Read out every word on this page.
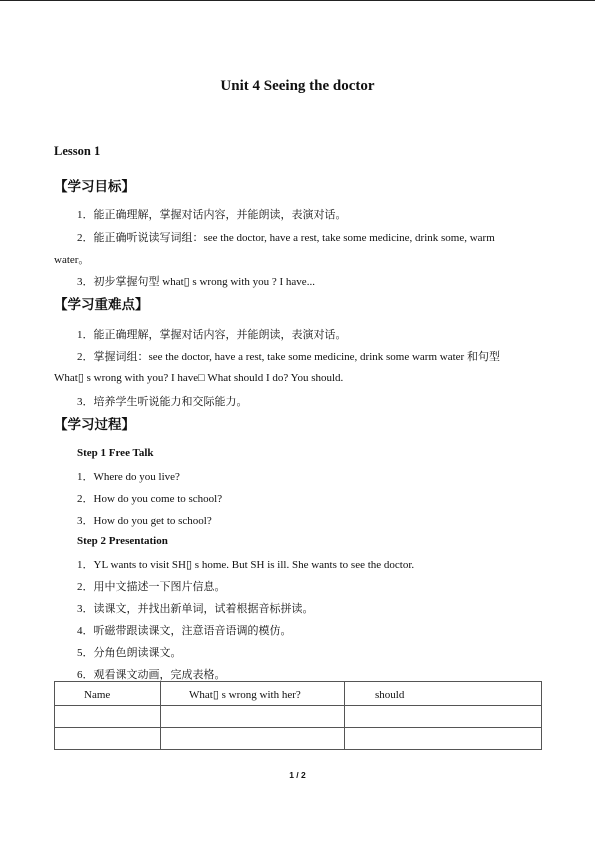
Unit 4 Seeing the doctor
Lesson 1
【学习目标】
1．能正确理解，掌握对话内容，并能朗读，表演对话。
2．能正确听说读写词组：see the doctor, have a rest, take some medicine, drink some, warm
water。
3．初步掌握句型 what▯ s wrong with you ? I have...
【学习重难点】
1．能正确理解，掌握对话内容，并能朗读，表演对话。
2．掌握词组：see the doctor, have a rest, take some medicine, drink some warm water 和句型
What▯ s wrong with you? I have□ What should I do? You should.
3．培养学生听说能力和交际能力。
【学习过程】
Step 1 Free Talk
1．Where do you live?
2．How do you come to school?
3．How do you get to school?
Step 2 Presentation
1．YL wants to visit SH▯ s home. But SH is ill. She wants to see the doctor.
2．用中文描述一下图片信息。
3．读课文，并找出新单词，试着根据音标拼读。
4．听磁带跟读课文，注意语音语调的模仿。
5．分角色朗读课文。
6．观看课文动画，完成表格。
Name	What▯ s wrong with her?	should

1 / 2
